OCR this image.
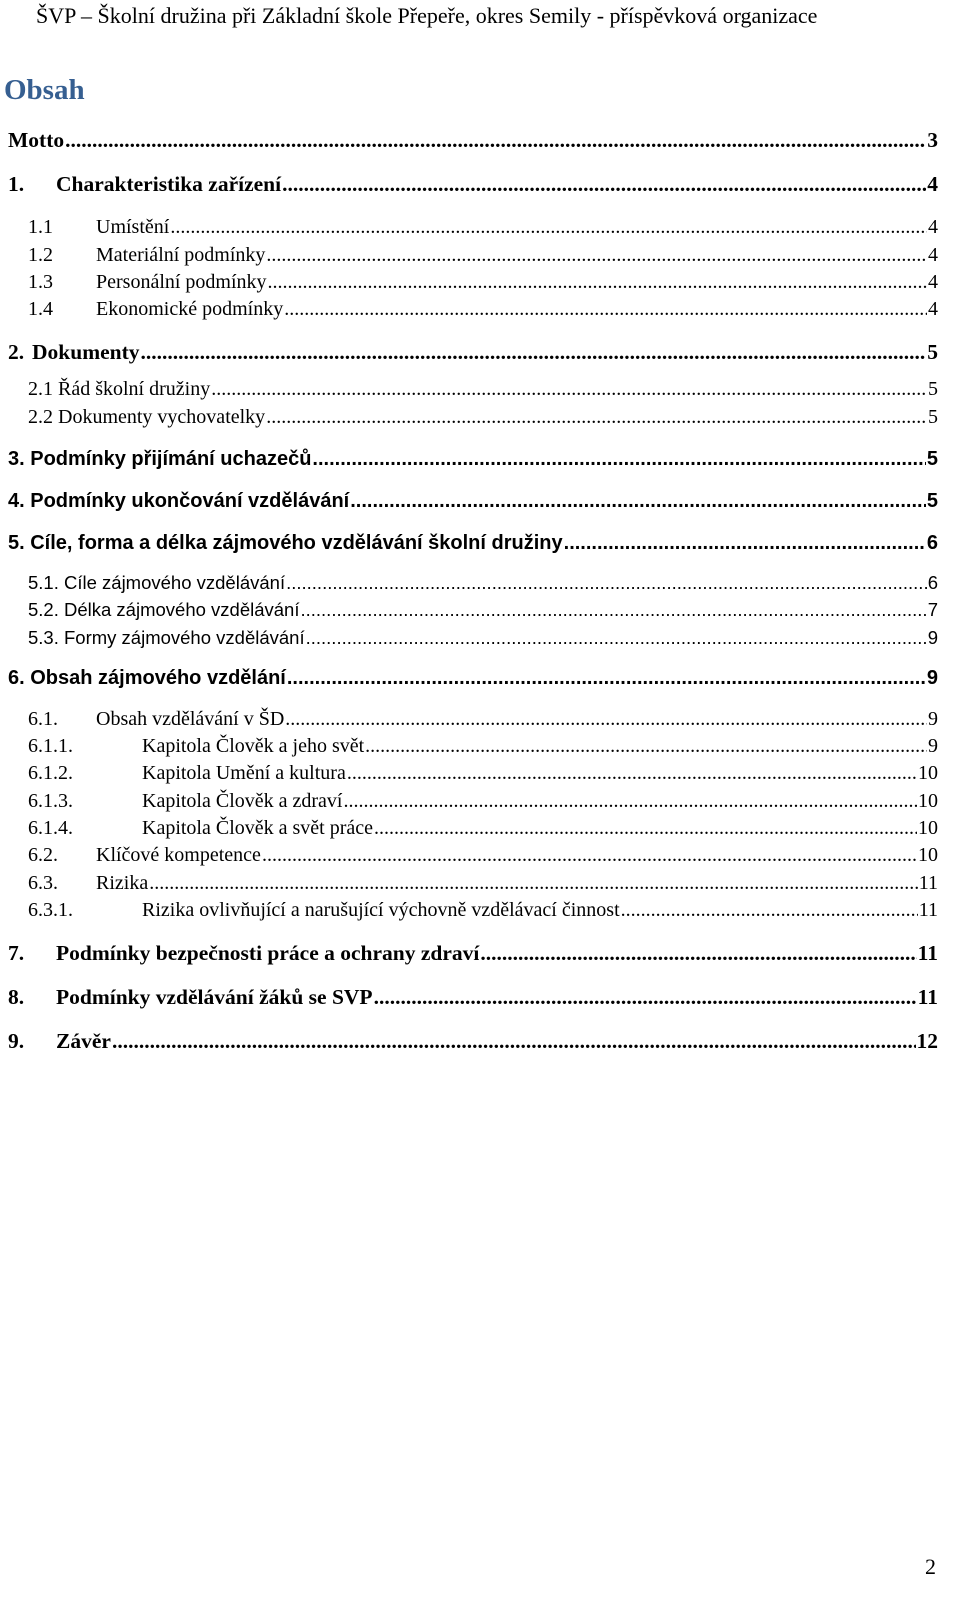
ŠVP – Školní družina při Základní škole Přepeře, okres Semily - příspěvková organizace
Obsah
Motto .....	3
1.	Charakteristika zařízení .....	4
1.1	Umístění .....	4
1.2	Materiální podmínky .....	4
1.3	Personální podmínky .....	4
1.4	Ekonomické podmínky .....	4
2. Dokumenty .....	5
2.1 Řád školní družiny .....	5
2.2 Dokumenty vychovatelky .....	5
3. Podmínky přijímání uchazečů .....	5
4. Podmínky ukončování vzdělávání .....	5
5. Cíle, forma a délka zájmového vzdělávání školní družiny .....	6
5.1. Cíle zájmového vzdělávání .....	6
5.2. Délka zájmového vzdělávání .....	7
5.3. Formy zájmového vzdělávání .....	9
6. Obsah zájmového vzdělání .....	9
6.1.	Obsah vzdělávání v ŠD .....	9
6.1.1.	Kapitola Člověk a jeho svět .....	9
6.1.2.	Kapitola Umění a kultura .....	10
6.1.3.	Kapitola Člověk a zdraví .....	10
6.1.4.	Kapitola Člověk a svět práce .....	10
6.2.	Klíčové kompetence .....	10
6.3.	Rizika .....	11
6.3.1.	Rizika ovlivňující a narušující výchovně vzdělávací činnost .....	11
7.	Podmínky bezpečnosti práce a ochrany zdraví .....	11
8.	Podmínky vzdělávání žáků se SVP .....	11
9.	Závěr .....	12
2
